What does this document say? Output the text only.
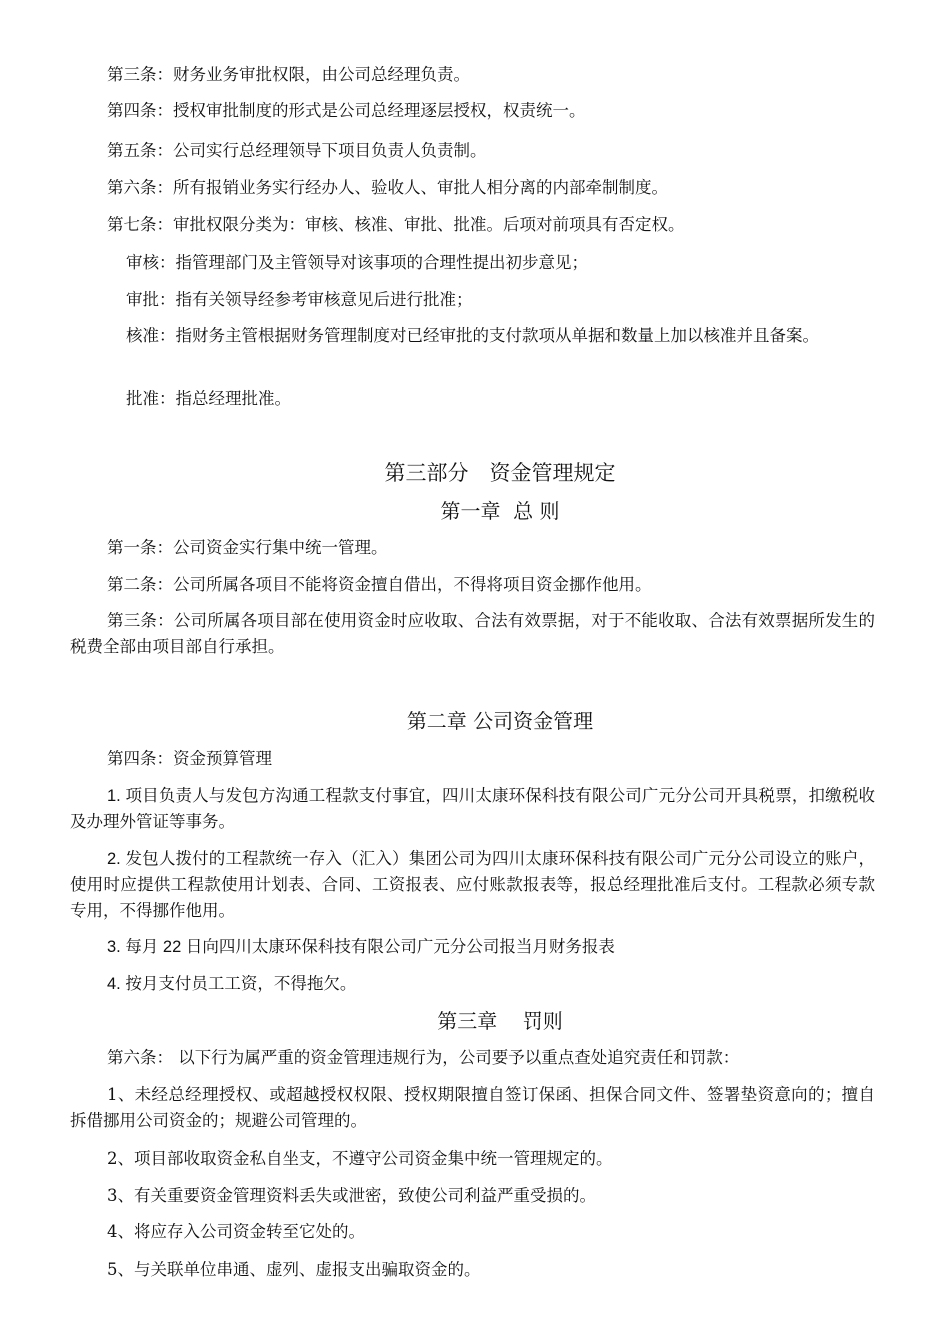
第三条：财务业务审批权限，由公司总经理负责。

第四条：授权审批制度的形式是公司总经理逐层授权，权责统一。

第五条：公司实行总经理领导下项目负责人负责制。

第六条：所有报销业务实行经办人、验收人、审批人相分离的内部牵制制度。

第七条：审批权限分类为：审核、核准、审批、批准。后项对前项具有否定权。

审核：指管理部门及主管领导对该事项的合理性提出初步意见；

审批：指有关领导经参考审核意见后进行批准；

核准：指财务主管根据财务管理制度对已经审批的支付款项从单据和数量上加以核准并且备案。

批准：指总经理批准。

第三部分　资金管理规定
第一章  总 则

第一条：公司资金实行集中统一管理。

第二条：公司所属各项目不能将资金擅自借出，不得将项目资金挪作他用。

第三条：公司所属各项目部在使用资金时应收取、合法有效票据，对于不能收取、合法有效票据所发生的税费全部由项目部自行承担。

第二章 公司资金管理

第四条：资金预算管理

1. 项目负责人与发包方沟通工程款支付事宜，四川太康环保科技有限公司广元分公司开具税票，扣缴税收及办理外管证等事务。

2. 发包人拨付的工程款统一存入（汇入）集团公司为四川太康环保科技有限公司广元分公司设立的账户，使用时应提供工程款使用计划表、合同、工资报表、应付账款报表等，报总经理批准后支付。工程款必须专款专用，不得挪作他用。

3. 每月 22 日向四川太康环保科技有限公司广元分公司报当月财务报表

4. 按月支付员工工资，不得拖欠。

第三章    罚则

第六条： 以下行为属严重的资金管理违规行为，公司要予以重点查处追究责任和罚款：

1、未经总经理授权、或超越授权权限、授权期限擅自签订保函、担保合同文件、签署垫资意向的；擅自拆借挪用公司资金的；规避公司管理的。

2、项目部收取资金私自坐支，不遵守公司资金集中统一管理规定的。

3、有关重要资金管理资料丢失或泄密，致使公司利益严重受损的。

4、将应存入公司资金转至它处的。

5、与关联单位串通、虚列、虚报支出骗取资金的。
